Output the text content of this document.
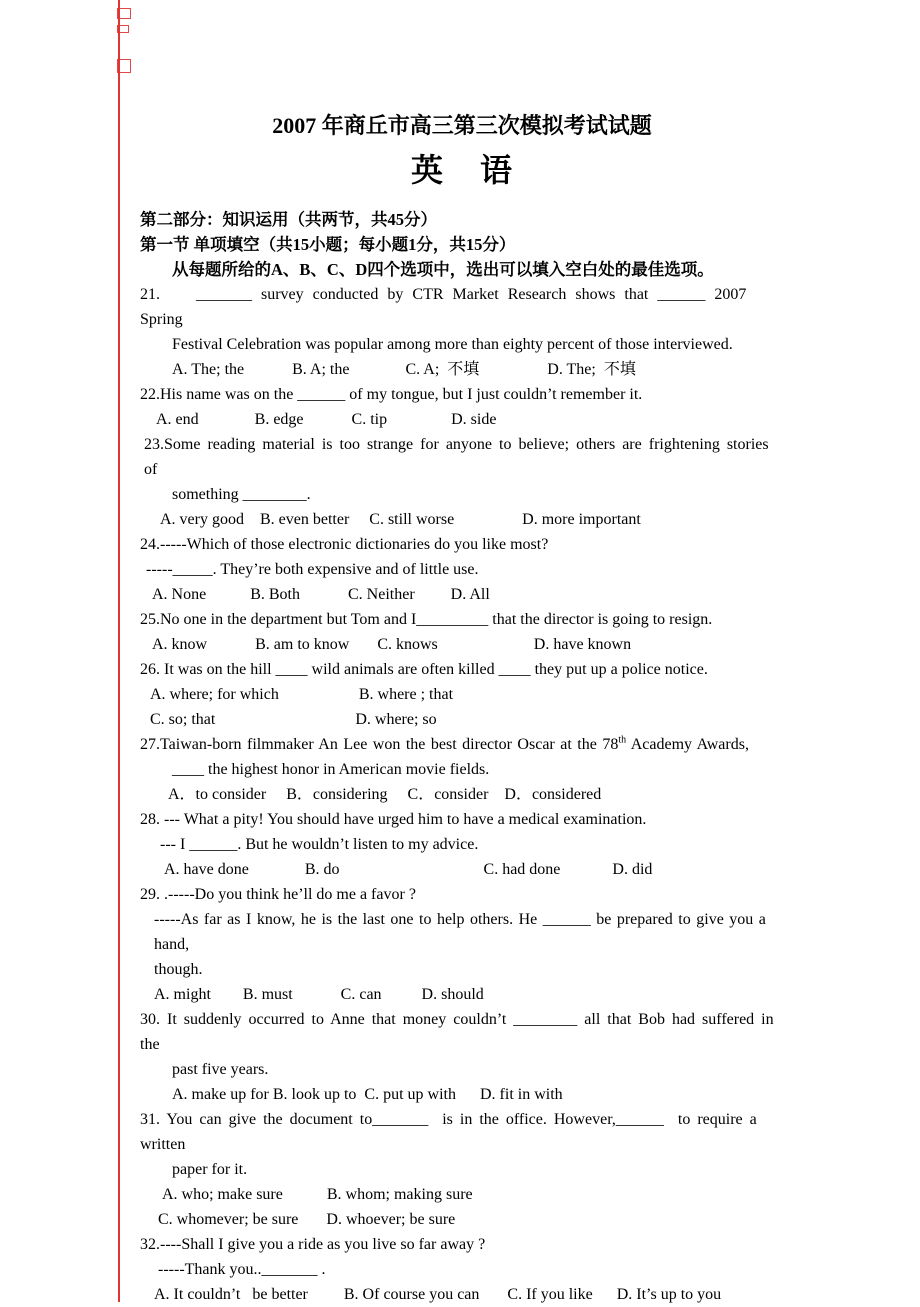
2007 年商丘市高三第三次模拟考试试题
英    语
第二部分：知识运用（共两节，共45分）
第一节 单项填空（共15小题；每小题1分，共15分）
从每题所给的A、B、C、D四个选项中，选出可以填入空白处的最佳选项。
21.    _______ survey conducted by CTR Market Research shows that ______ 2007 Spring
Festival Celebration was popular among more than eighty percent of those interviewed.
A. The; the            B. A; the              C. A;  不填                 D. The;  不填
22.His name was on the ______ of my tongue, but I just couldn’t remember it.
A. end              B. edge            C. tip                D. side
23.Some reading material is too strange for anyone to believe; others are frightening stories of
something ________.
A. very good    B. even better     C. still worse                 D. more important
24.-----Which of those electronic dictionaries do you like most?
-----_____. They’re both expensive and of little use.
A. None           B. Both            C. Neither         D. All
25.No one in the department but Tom and I_________ that the director is going to resign.
A. know            B. am to know       C. knows                        D. have known
26. It was on the hill ____ wild animals are often killed ____ they put up a police notice.
A. where; for which                    B. where ; that
C. so; that                                   D. where; so
27.Taiwan-born filmmaker An Lee won the best director Oscar at the 78th Academy Awards,
____ the highest honor in American movie fields.
A．to consider     B．considering     C．consider    D．considered
28. --- What a pity! You should have urged him to have a medical examination.
--- I ______. But he wouldn’t listen to my advice.
A. have done              B. do                                    C. had done             D. did
29. .-----Do you think he’ll do me a favor ?
-----As far as I know, he is the last one to help others. He ______ be prepared to give you a hand,
though.
A. might        B. must            C. can          D. should
30. It suddenly occurred to Anne that money couldn’t ________ all that Bob had suffered in the
past five years.
A. make up for B. look up to  C. put up with      D. fit in with
31. You can give the document to_______  is in the office. However,______  to require a written
paper for it.
A. who; make sure           B. whom; making sure
C. whomever; be sure       D. whoever; be sure
32.----Shall I give you a ride as you live so far away ?
-----Thank you.._______ .
A. It couldn’t   be better         B. Of course you can       C. If you like      D. It’s up to you
